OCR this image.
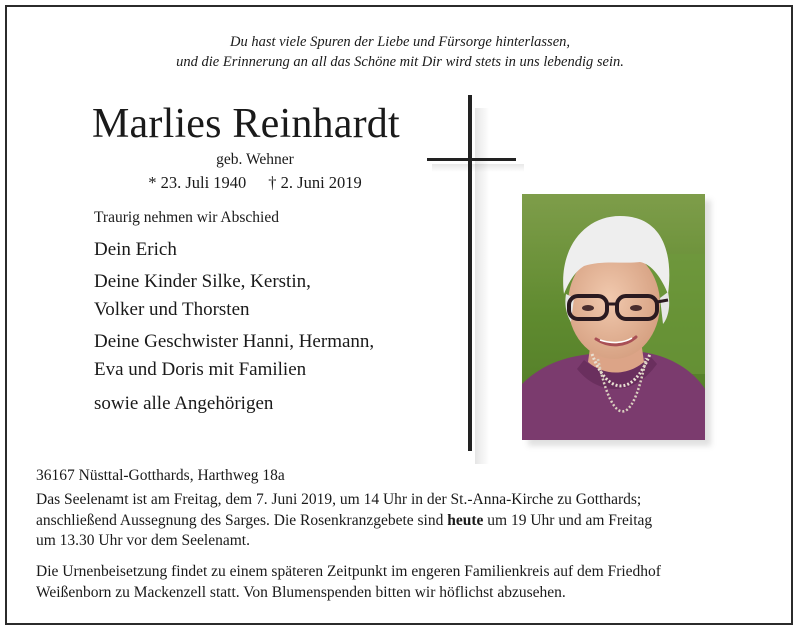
Du hast viele Spuren der Liebe und Fürsorge hinterlassen,
und die Erinnerung an all das Schöne mit Dir wird stets in uns lebendig sein.
Marlies Reinhardt
geb. Wehner
* 23. Juli 1940 † 2. Juni 2019
Traurig nehmen wir Abschied
Dein Erich
Deine Kinder Silke, Kerstin,
Volker und Thorsten
Deine Geschwister Hanni, Hermann,
Eva und Doris mit Familien
sowie alle Angehörigen
36167 Nüsttal-Gotthards, Harthweg 18a
Das Seelenamt ist am Freitag, dem 7. Juni 2019, um 14 Uhr in der St.-Anna-Kirche zu Gotthards;
anschließend Aussegnung des Sarges. Die Rosenkranzgebete sind heute um 19 Uhr und am Freitag
um 13.30 Uhr vor dem Seelenamt.
Die Urnenbeisetzung findet zu einem späteren Zeitpunkt im engeren Familienkreis auf dem Friedhof
Weißenborn zu Mackenzell statt. Von Blumenspenden bitten wir höflichst abzusehen.
